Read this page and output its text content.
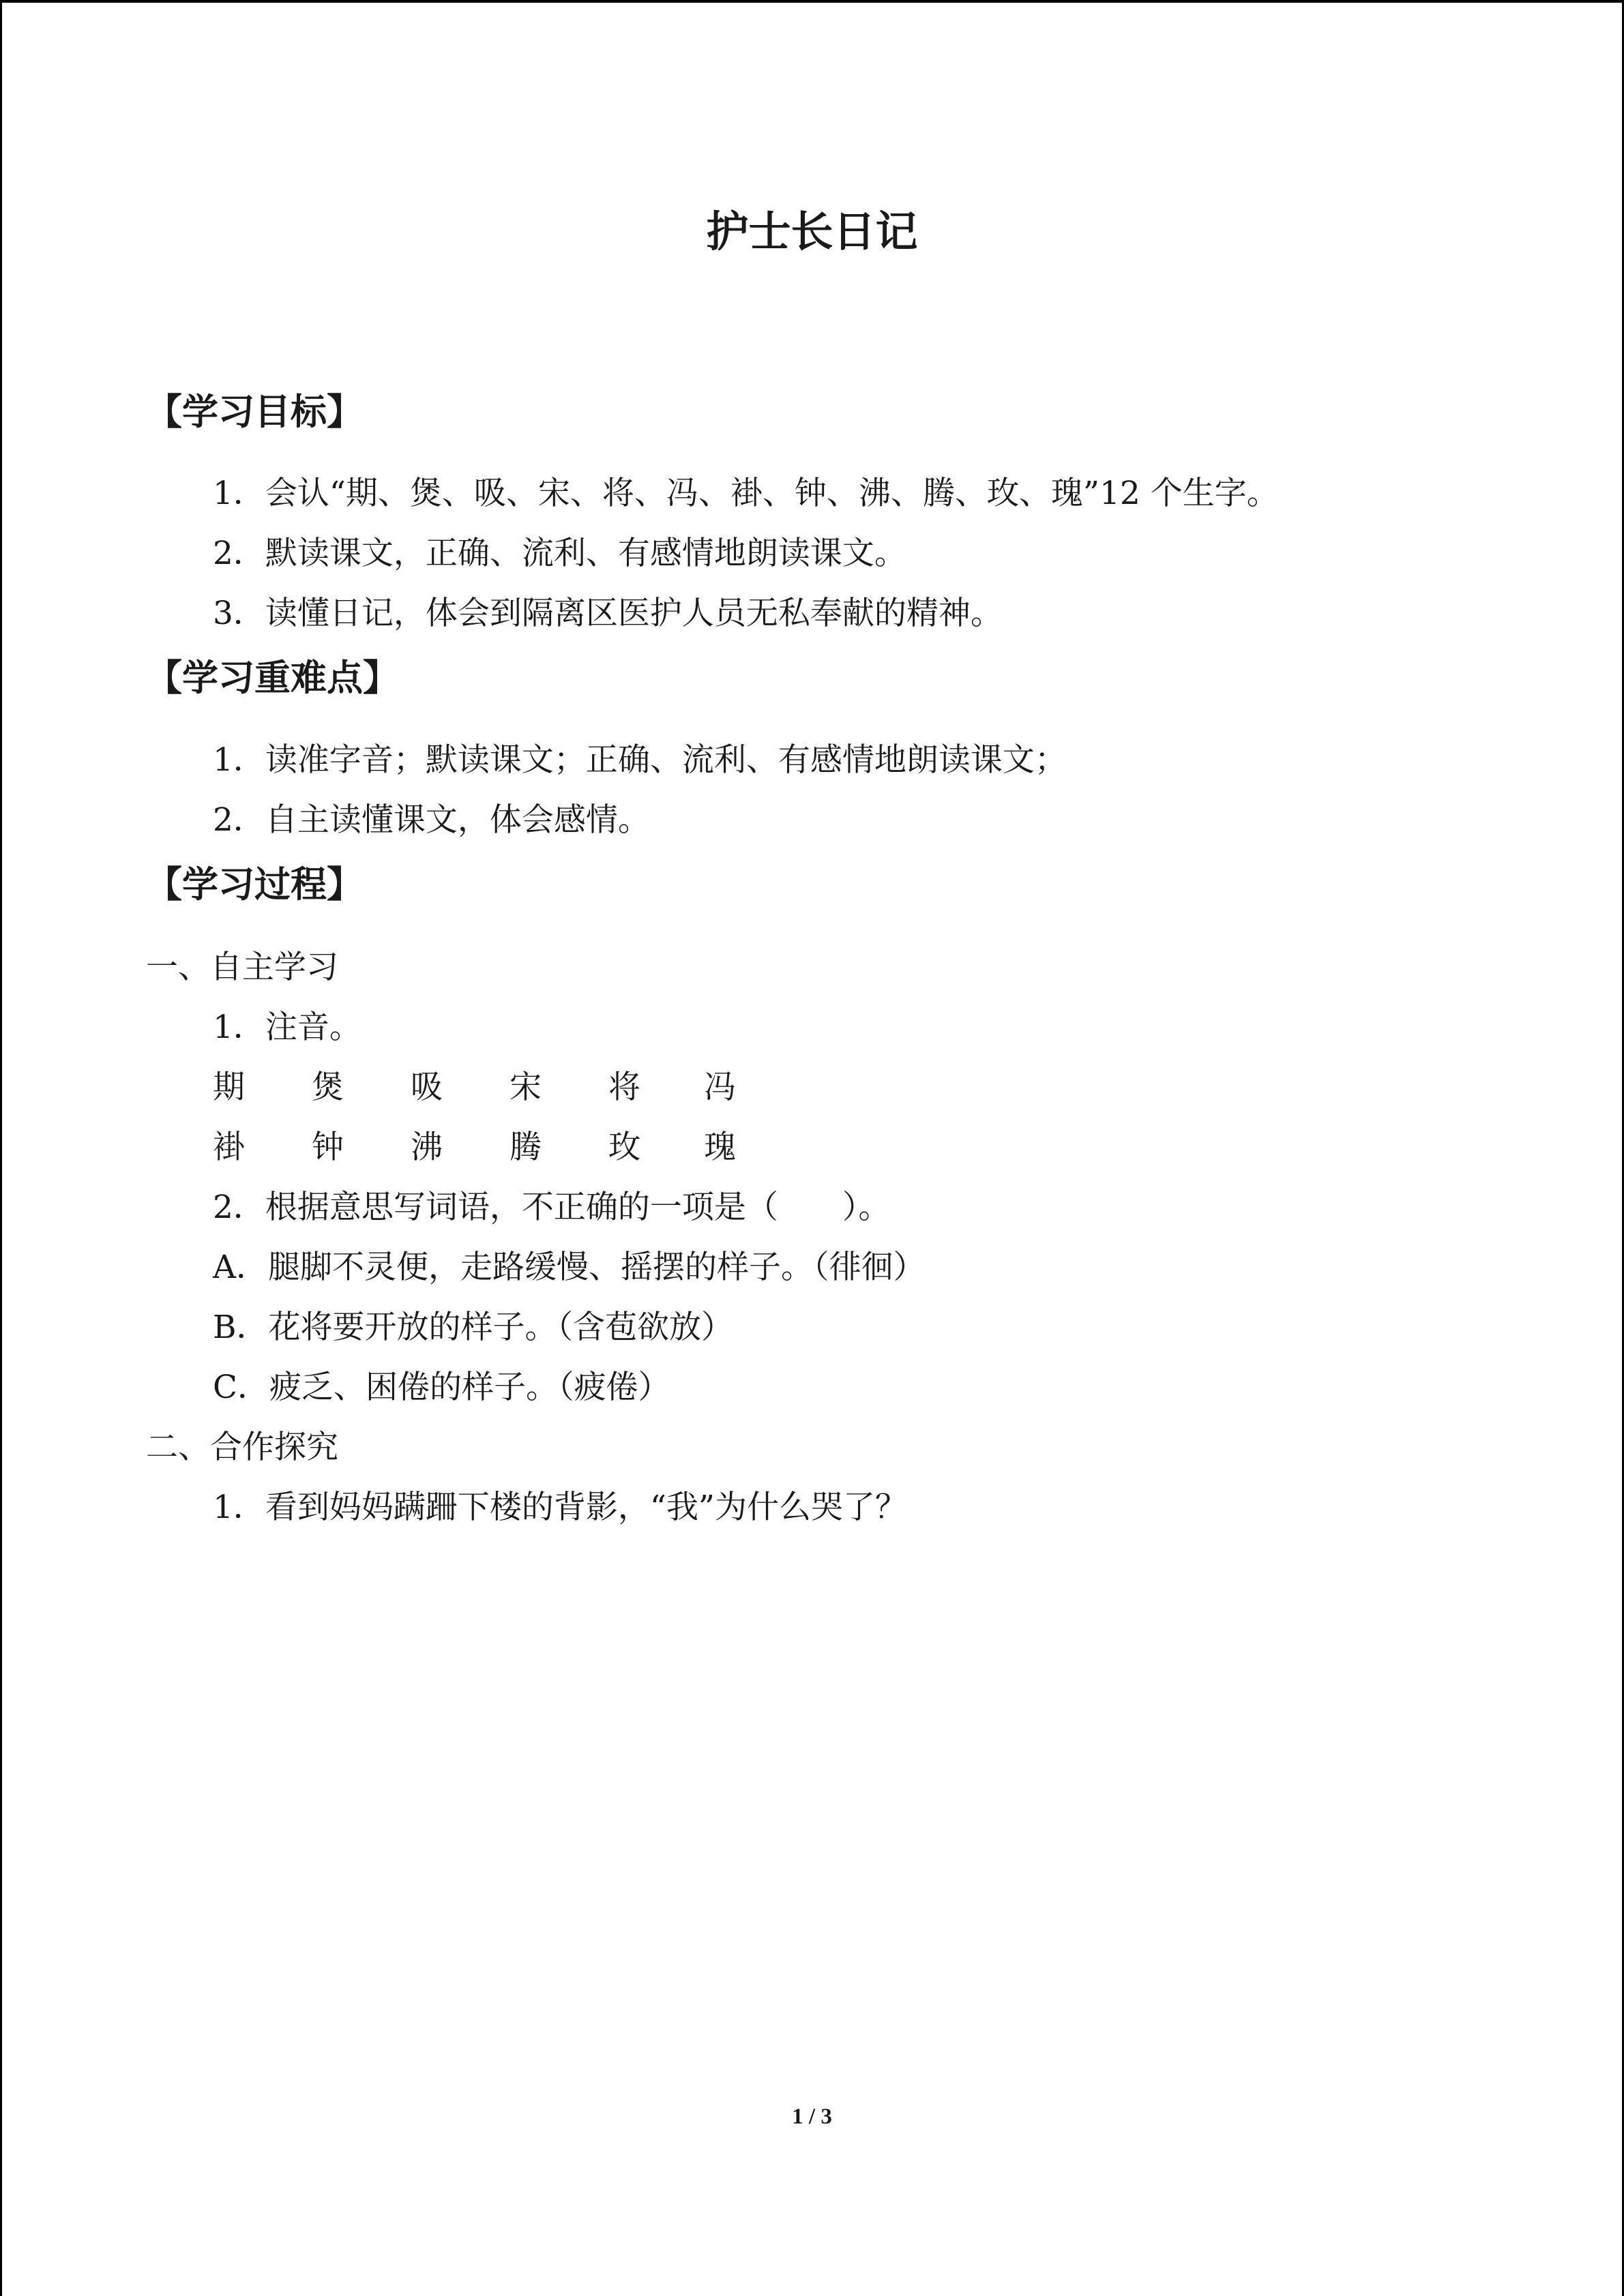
护士长日记
【学习目标】
1．会认“期、煲、吸、宋、将、冯、褂、钟、沸、腾、玫、瑰”12 个生字。
2．默读课文，正确、流利、有感情地朗读课文。
3．读懂日记，体会到隔离区医护人员无私奉献的精神。
【学习重难点】
1．读准字音；默读课文；正确、流利、有感情地朗读课文；
2．自主读懂课文，体会感情。
【学习过程】
一、自主学习
1．注音。
期 煲 吸 宋 将 冯
褂 钟 沸 腾 玫 瑰
2．根据意思写词语，不正确的一项是（　　）。
A．腿脚不灵便，走路缓慢、摇摆的样子。（徘徊）
B．花将要开放的样子。（含苞欲放）
C．疲乏、困倦的样子。（疲倦）
二、合作探究
1．看到妈妈蹒跚下楼的背影，“我”为什么哭了？
1 / 3
